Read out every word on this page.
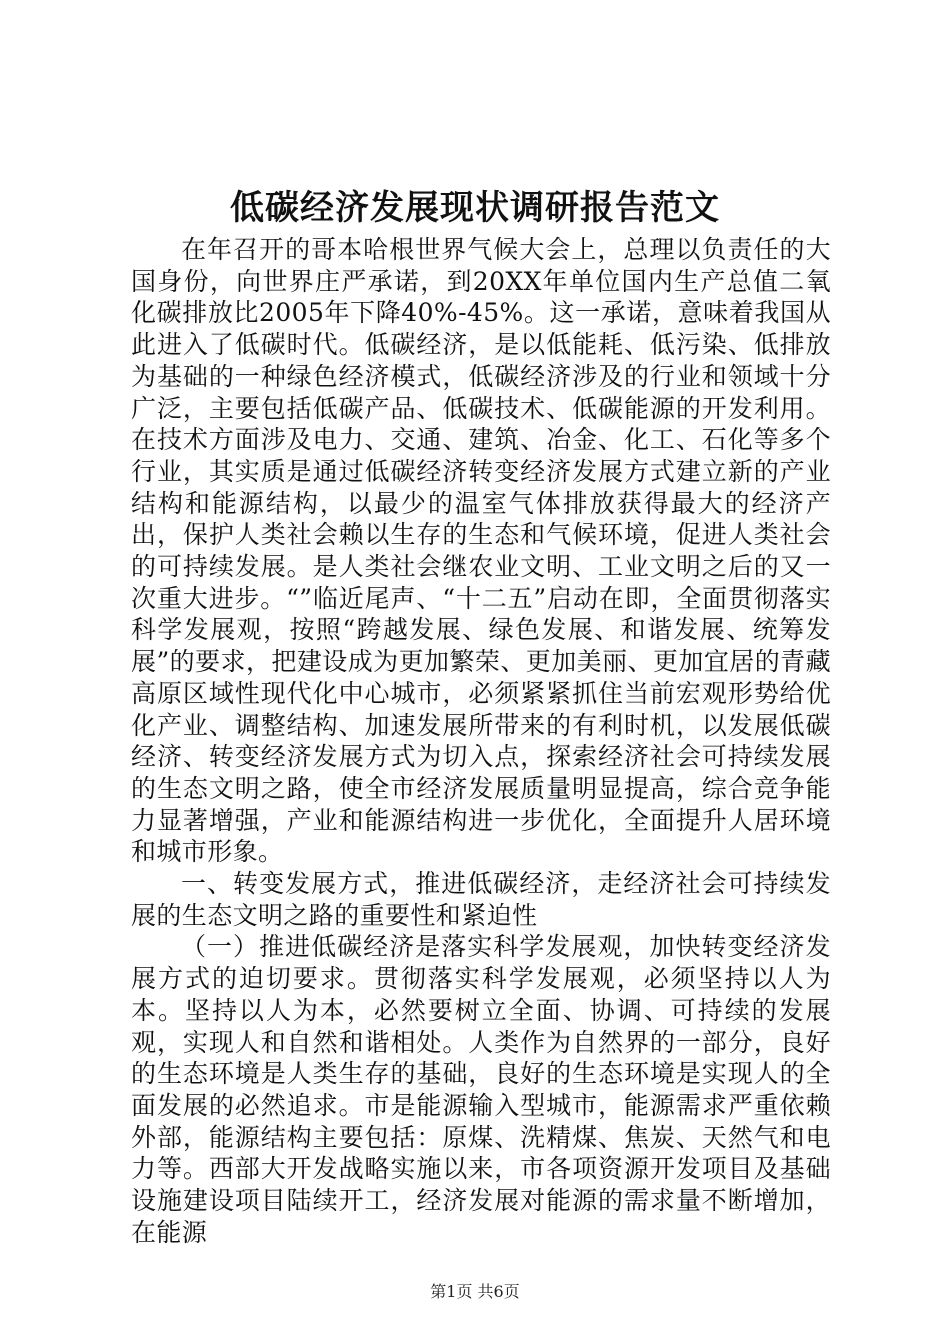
低碳经济发展现状调研报告范文

在年召开的哥本哈根世界气候大会上，总理以负责任的大国身份，向世界庄严承诺，到20XX年单位国内生产总值二氧化碳排放比2005年下降40%-45%。这一承诺，意味着我国从此进入了低碳时代。低碳经济，是以低能耗、低污染、低排放为基础的一种绿色经济模式，低碳经济涉及的行业和领域十分广泛，主要包括低碳产品、低碳技术、低碳能源的开发利用。在技术方面涉及电力、交通、建筑、冶金、化工、石化等多个行业，其实质是通过低碳经济转变经济发展方式建立新的产业结构和能源结构，以最少的温室气体排放获得最大的经济产出，保护人类社会赖以生存的生态和气候环境，促进人类社会的可持续发展。是人类社会继农业文明、工业文明之后的又一次重大进步。“”临近尾声、“十二五”启动在即，全面贯彻落实科学发展观，按照“跨越发展、绿色发展、和谐发展、统筹发展”的要求，把建设成为更加繁荣、更加美丽、更加宜居的青藏高原区域性现代化中心城市，必须紧紧抓住当前宏观形势给优化产业、调整结构、加速发展所带来的有利时机，以发展低碳经济、转变经济发展方式为切入点，探索经济社会可持续发展的生态文明之路，使全市经济发展质量明显提高，综合竞争能力显著增强，产业和能源结构进一步优化，全面提升人居环境和城市形象。

一、转变发展方式，推进低碳经济，走经济社会可持续发展的生态文明之路的重要性和紧迫性

（一）推进低碳经济是落实科学发展观，加快转变经济发展方式的迫切要求。贯彻落实科学发展观，必须坚持以人为本。坚持以人为本，必然要树立全面、协调、可持续的发展观，实现人和自然和谐相处。人类作为自然界的一部分，良好的生态环境是人类生存的基础，良好的生态环境是实现人的全面发展的必然追求。市是能源输入型城市，能源需求严重依赖外部，能源结构主要包括：原煤、洗精煤、焦炭、天然气和电力等。西部大开发战略实施以来，市各项资源开发项目及基础设施建设项目陆续开工，经济发展对能源的需求量不断增加，在能源

第1页 共6页
